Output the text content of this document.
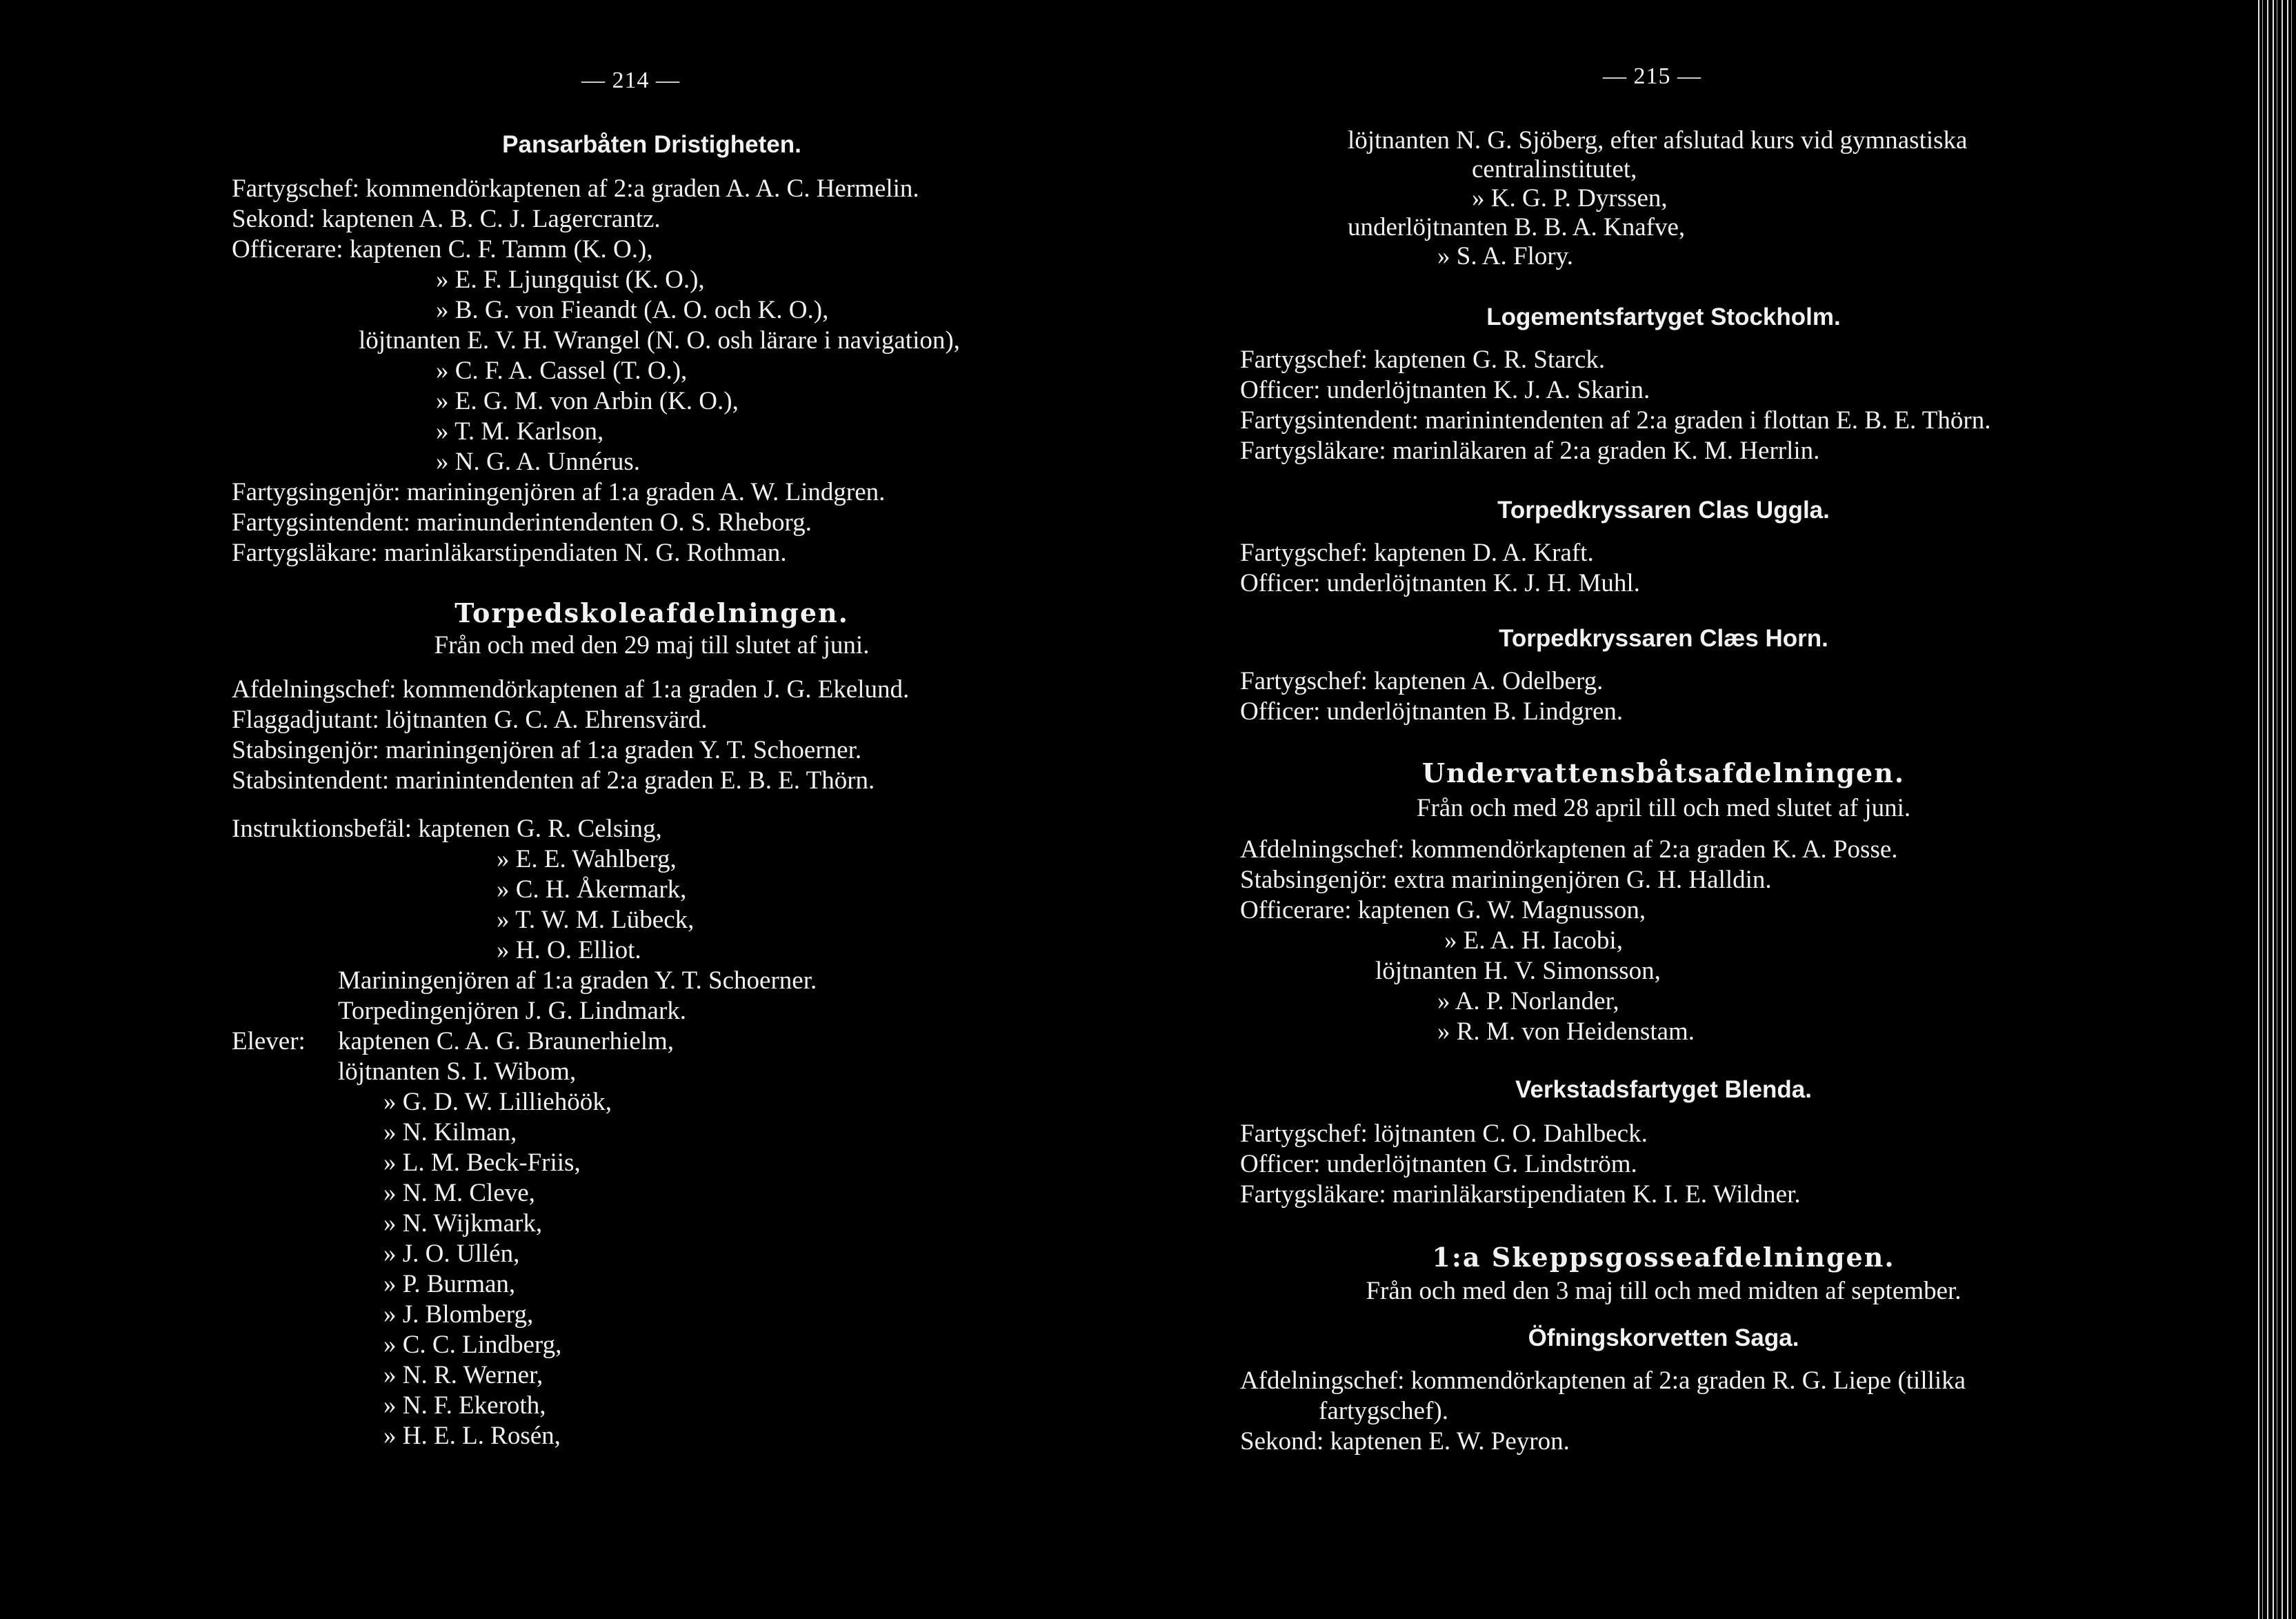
— 214 —
Pansarbåten Dristigheten.
Fartygschef: kommendörkaptenen af 2:a graden A. A. C. Hermelin.
Sekond: kaptenen A. B. C. J. Lagercrantz.
Officerare: kaptenen C. F. Tamm (K. O.),
» E. F. Ljungquist (K. O.),
» B. G. von Fieandt (A. O. och K. O.),
löjtnanten E. V. H. Wrangel (N. O. osh lärare i navigation),
» C. F. A. Cassel (T. O.),
» E. G. M. von Arbin (K. O.),
» T. M. Karlson,
» N. G. A. Unnérus.
Fartygsingenjör: mariningenjören af 1:a graden A. W. Lindgren.
Fartygsintendent: marinunderintendenten O. S. Rheborg.
Fartygsläkare: marinläkarstipendiaten N. G. Rothman.
Torpedskoleafdelningen.
Från och med den 29 maj till slutet af juni.
Afdelningschef: kommendörkaptenen af 1:a graden J. G. Ekelund.
Flaggadjutant: löjtnanten G. C. A. Ehrensvärd.
Stabsingenjör: mariningenjören af 1:a graden Y. T. Schoerner.
Stabsintendent: marinintendenten af 2:a graden E. B. E. Thörn.
Instruktionsbefäl: kaptenen G. R. Celsing,
» E. E. Wahlberg,
» C. H. Åkermark,
» T. W. M. Lübeck,
» H. O. Elliot.
Mariningenjören af 1:a graden Y. T. Schoerner.
Torpedingenjören J. G. Lindmark.
Elever: kaptenen C. A. G. Braunerhielm,
löjtnanten S. I. Wibom,
» G. D. W. Lilliehöök,
» N. Kilman,
» L. M. Beck-Friis,
» N. M. Cleve,
» N. Wijkmark,
» J. O. Ullén,
» P. Burman,
» J. Blomberg,
» C. C. Lindberg,
» N. R. Werner,
» N. F. Ekeroth,
» H. E. L. Rosén,
— 215 —
löjtnanten N. G. Sjöberg, efter afslutad kurs vid gymnastiska
centralinstitutet,
» K. G. P. Dyrssen,
underlöjtnanten B. B. A. Knafve,
» S. A. Flory.
Logementsfartyget Stockholm.
Fartygschef: kaptenen G. R. Starck.
Officer: underlöjtnanten K. J. A. Skarin.
Fartygsintendent: marinintendenten af 2:a graden i flottan E. B. E. Thörn.
Fartygsläkare: marinläkaren af 2:a graden K. M. Herrlin.
Torpedkryssaren Clas Uggla.
Fartygschef: kaptenen D. A. Kraft.
Officer: underlöjtnanten K. J. H. Muhl.
Torpedkryssaren Clæs Horn.
Fartygschef: kaptenen A. Odelberg.
Officer: underlöjtnanten B. Lindgren.
Undervattensbåtsafdelningen.
Från och med 28 april till och med slutet af juni.
Afdelningschef: kommendörkaptenen af 2:a graden K. A. Posse.
Stabsingenjör: extra mariningenjören G. H. Halldin.
Officerare: kaptenen G. W. Magnusson,
» E. A. H. Iacobi,
löjtnanten H. V. Simonsson,
» A. P. Norlander,
» R. M. von Heidenstam.
Verkstadsfartyget Blenda.
Fartygschef: löjtnanten C. O. Dahlbeck.
Officer: underlöjtnanten G. Lindström.
Fartygsläkare: marinläkarstipendiaten K. I. E. Wildner.
1:a Skeppsgosseafdelningen.
Från och med den 3 maj till och med midten af september.
Öfningskorvetten Saga.
Afdelningschef: kommendörkaptenen af 2:a graden R. G. Liepe (tillika
fartygschef).
Sekond: kaptenen E. W. Peyron.
